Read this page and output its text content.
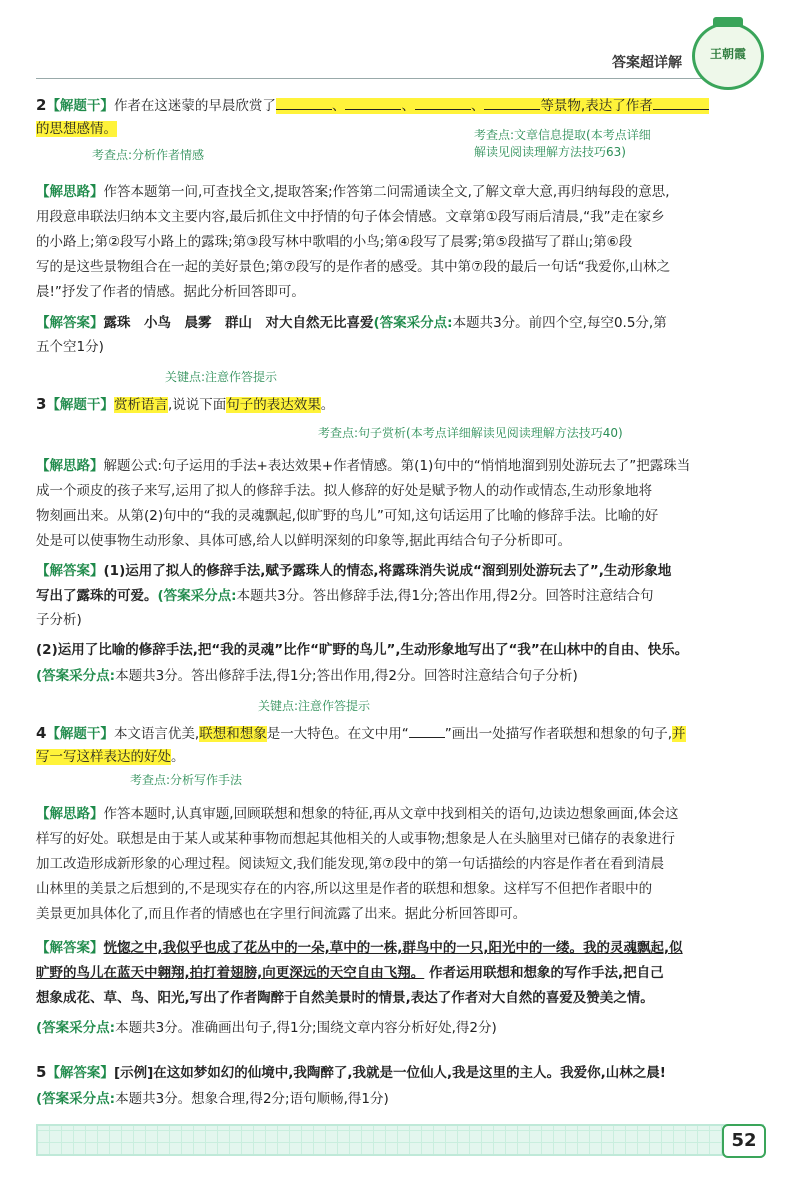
答案超详解
王朝霞
2【解题干】作者在这迷蒙的早晨欣赏了	、	、	、	等景物,表达了作者
的思想感情。	考查点:文章信息提取(本考点详细
解读见阅读理解方法技巧63)
考查点:分析作者情感
【解思路】作答本题第一问,可查找全文,提取答案;作答第二问需通读全文,了解文章大意,再归纳每段的意思,
用段意串联法归纳本文主要内容,最后抓住文中抒情的句子体会情感。文章第①段写雨后清晨,“我”走在家乡
的小路上;第②段写小路上的露珠;第③段写林中歌唱的小鸟;第④段写了晨雾;第⑤段描写了群山;第⑥段
写的是这些景物组合在一起的美好景色;第⑦段写的是作者的感受。其中第⑦段的最后一句话“我爱你,山林之
晨!”抒发了作者的情感。据此分析回答即可。
【解答案】露珠　小鸟　晨雾　群山　对大自然无比喜爱(答案采分点:本题共3分。前四个空,每空0.5分,第
五个空1分)
关键点:注意作答提示
3【解题干】赏析语言,说说下面句子的表达效果。
考查点:句子赏析(本考点详细解读见阅读理解方法技巧40)
【解思路】解题公式:句子运用的手法+表达效果+作者情感。第(1)句中的“悄悄地溜到别处游玩去了”把露珠当
成一个顽皮的孩子来写,运用了拟人的修辞手法。拟人修辞的好处是赋予物人的动作或情态,生动形象地将
物刻画出来。从第(2)句中的“我的灵魂飘起,似旷野的鸟儿”可知,这句话运用了比喻的修辞手法。比喻的好
处是可以使事物生动形象、具体可感,给人以鲜明深刻的印象等,据此再结合句子分析即可。
【解答案】(1)运用了拟人的修辞手法,赋予露珠人的情态,将露珠消失说成“溜到别处游玩去了”,生动形象地
写出了露珠的可爱。(答案采分点:本题共3分。答出修辞手法,得1分;答出作用,得2分。回答时注意结合句
子分析)
(2)运用了比喻的修辞手法,把“我的灵魂”比作“旷野的鸟儿”,生动形象地写出了“我”在山林中的自由、快乐。
(答案采分点:本题共3分。答出修辞手法,得1分;答出作用,得2分。回答时注意结合句子分析)
关键点:注意作答提示
4【解题干】本文语言优美,联想和想象是一大特色。在文中用“	”画出一处描写作者联想和想象的句子,并
写一写这样表达的好处。
考查点:分析写作手法
【解思路】作答本题时,认真审题,回顾联想和想象的特征,再从文章中找到相关的语句,边读边想象画面,体会这
样写的好处。联想是由于某人或某种事物而想起其他相关的人或事物;想象是人在头脑里对已储存的表象进行
加工改造形成新形象的心理过程。阅读短文,我们能发现,第⑦段中的第一句话描绘的内容是作者在看到清晨
山林里的美景之后想到的,不是现实存在的内容,所以这里是作者的联想和想象。这样写不但把作者眼中的
美景更加具体化了,而且作者的情感也在字里行间流露了出来。据此分析回答即可。
【解答案】恍惚之中,我似乎也成了花丛中的一朵,草中的一株,群鸟中的一只,阳光中的一缕。我的灵魂飘起,似
旷野的鸟儿在蓝天中翱翔,拍打着翅膀,向更深远的天空自由飞翔。 作者运用联想和想象的写作手法,把自己
想象成花、草、鸟、阳光,写出了作者陶醉于自然美景时的情景,表达了作者对大自然的喜爱及赞美之情。
(答案采分点:本题共3分。准确画出句子,得1分;围绕文章内容分析好处,得2分)
5【解答案】[示例]在这如梦如幻的仙境中,我陶醉了,我就是一位仙人,我是这里的主人。我爱你,山林之晨!
(答案采分点:本题共3分。想象合理,得2分;语句顺畅,得1分)
52
